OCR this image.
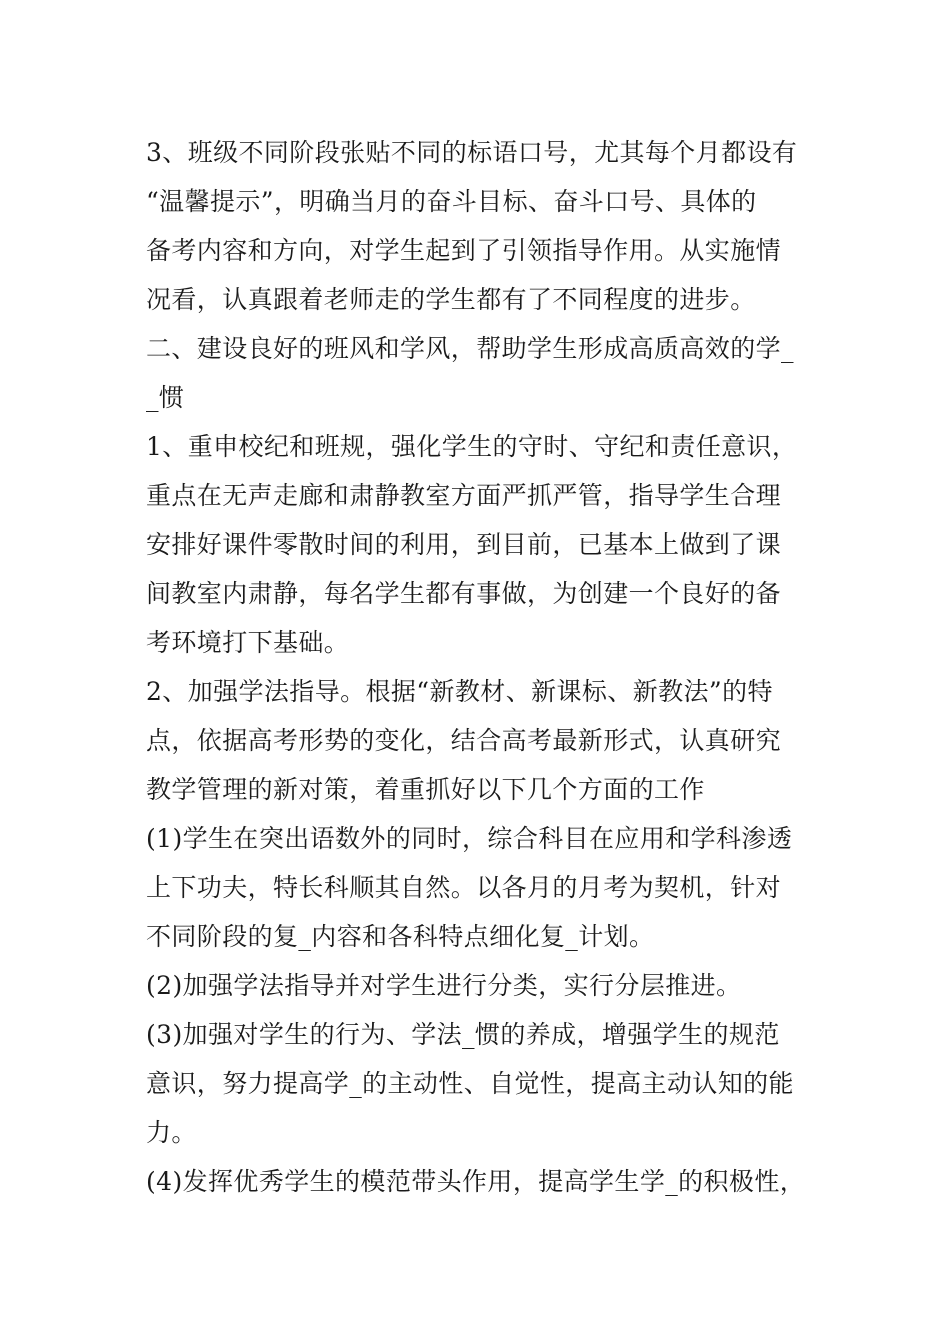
3、班级不同阶段张贴不同的标语口号，尤其每个月都设有
“温馨提示”，明确当月的奋斗目标、奋斗口号、具体的
备考内容和方向，对学生起到了引领指导作用。从实施情
况看，认真跟着老师走的学生都有了不同程度的进步。
二、建设良好的班风和学风，帮助学生形成高质高效的学_
_惯
1、重申校纪和班规，强化学生的守时、守纪和责任意识，
重点在无声走廊和肃静教室方面严抓严管，指导学生合理
安排好课件零散时间的利用，到目前，已基本上做到了课
间教室内肃静，每名学生都有事做，为创建一个良好的备
考环境打下基础。
2、加强学法指导。根据“新教材、新课标、新教法”的特
点，依据高考形势的变化，结合高考最新形式，认真研究
教学管理的新对策，着重抓好以下几个方面的工作
(1)学生在突出语数外的同时，综合科目在应用和学科渗透
上下功夫，特长科顺其自然。以各月的月考为契机，针对
不同阶段的复_内容和各科特点细化复_计划。
(2)加强学法指导并对学生进行分类，实行分层推进。
(3)加强对学生的行为、学法_惯的养成，增强学生的规范
意识，努力提高学_的主动性、自觉性，提高主动认知的能
力。
(4)发挥优秀学生的模范带头作用，提高学生学_的积极性，
